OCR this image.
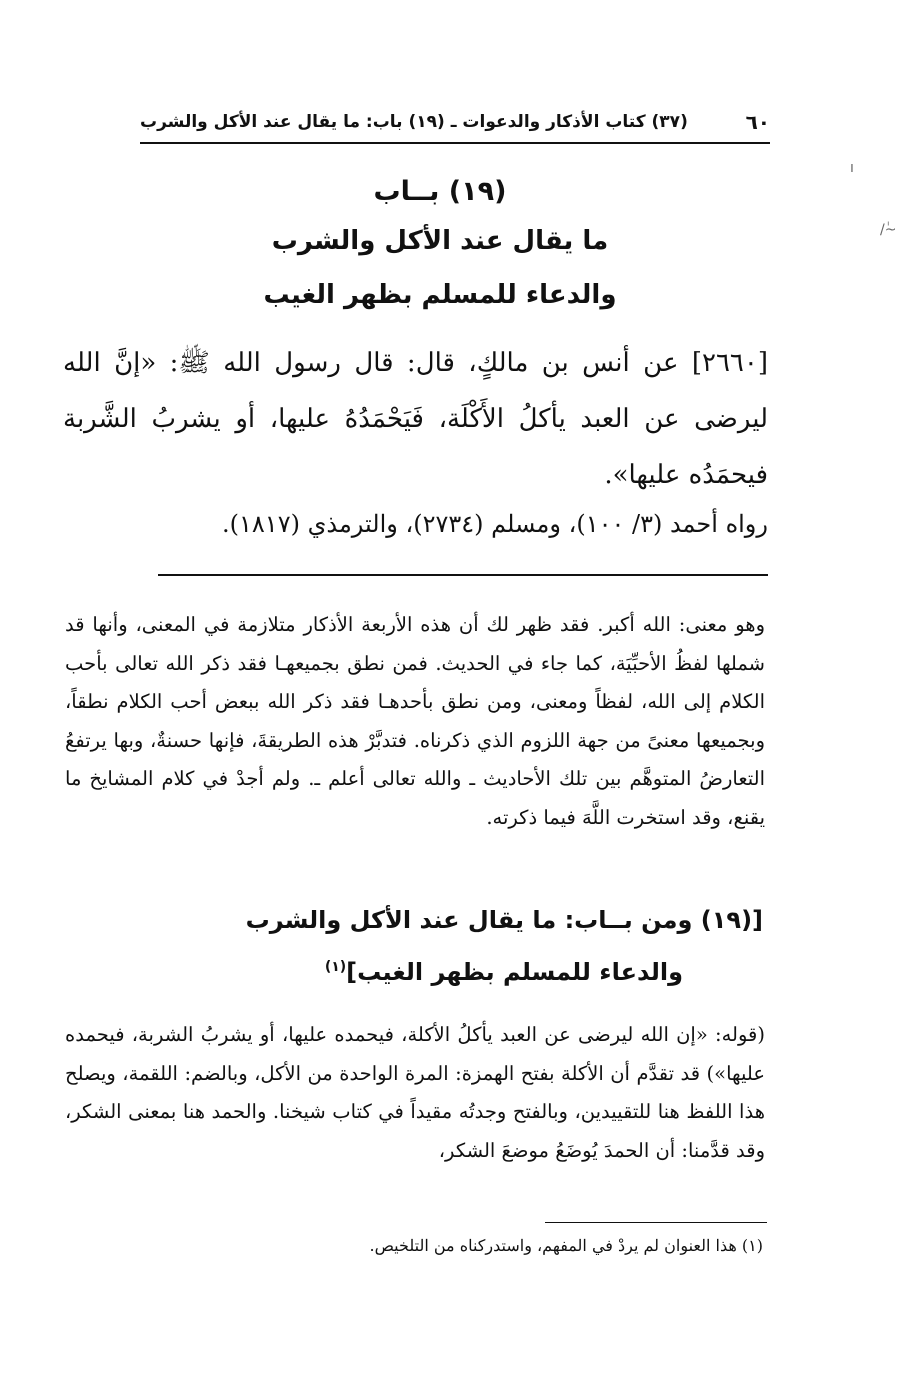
٦٠
(٣٧) كتاب الأذكار والدعوات ـ (١٩) باب: ما يقال عند الأكل والشرب
ı
~ٰ/
(١٩) بــاب
ما يقال عند الأكل والشرب
والدعاء للمسلم بظهر الغيب
[٢٦٦٠] عن أنس بن مالكٍ، قال: قال رسول الله ﷺ: «إنَّ الله ليرضى عن العبد يأكلُ الأَكْلَة، فَيَحْمَدُهُ عليها، أو يشربُ الشَّربة فيحمَدُه عليها».
رواه أحمد (٣/ ١٠٠)، ومسلم (٢٧٣٤)، والترمذي (١٨١٧).
وهو معنى: الله أكبر. فقد ظهر لك أن هذه الأربعة الأذكار متلازمة في المعنى، وأنها قد شملها لفظُ الأحبِّيَة، كما جاء في الحديث. فمن نطق بجميعهـا فقد ذكر الله تعالى بأحب الكلام إلى الله، لفظاً ومعنى، ومن نطق بأحدهـا فقد ذكر الله ببعض أحب الكلام نطقاً، وبجميعها معنىً من جهة اللزوم الذي ذكرناه. فتدبَّرْ هذه الطريقةَ، فإنها حسنةٌ، وبها يرتفعُ التعارضُ المتوهَّم بين تلك الأحاديث ـ والله تعالى أعلم ـ. ولم أجدْ في كلام المشايخ ما يقنع، وقد استخرت اللَّهَ فيما ذكرته.
[(١٩) ومن بــاب: ما يقال عند الأكل والشرب
والدعاء للمسلم بظهر الغيب]$^{(١)}$
(قوله: «إن الله ليرضى عن العبد يأكلُ الأكلة، فيحمده عليها، أو يشربُ الشربة، فيحمده عليها») قد تقدَّم أن الأكلة بفتح الهمزة: المرة الواحدة من الأكل، وبالضم: اللقمة، ويصلح هذا اللفظ هنا للتقييدين، وبالفتح وجدتُه مقيداً في كتاب شيخنا. والحمد هنا بمعنى الشكر، وقد قدَّمنا: أن الحمدَ يُوضَعُ موضعَ الشكر،
(١) هذا العنوان لم يردْ في المفهم، واستدركناه من التلخيص.
